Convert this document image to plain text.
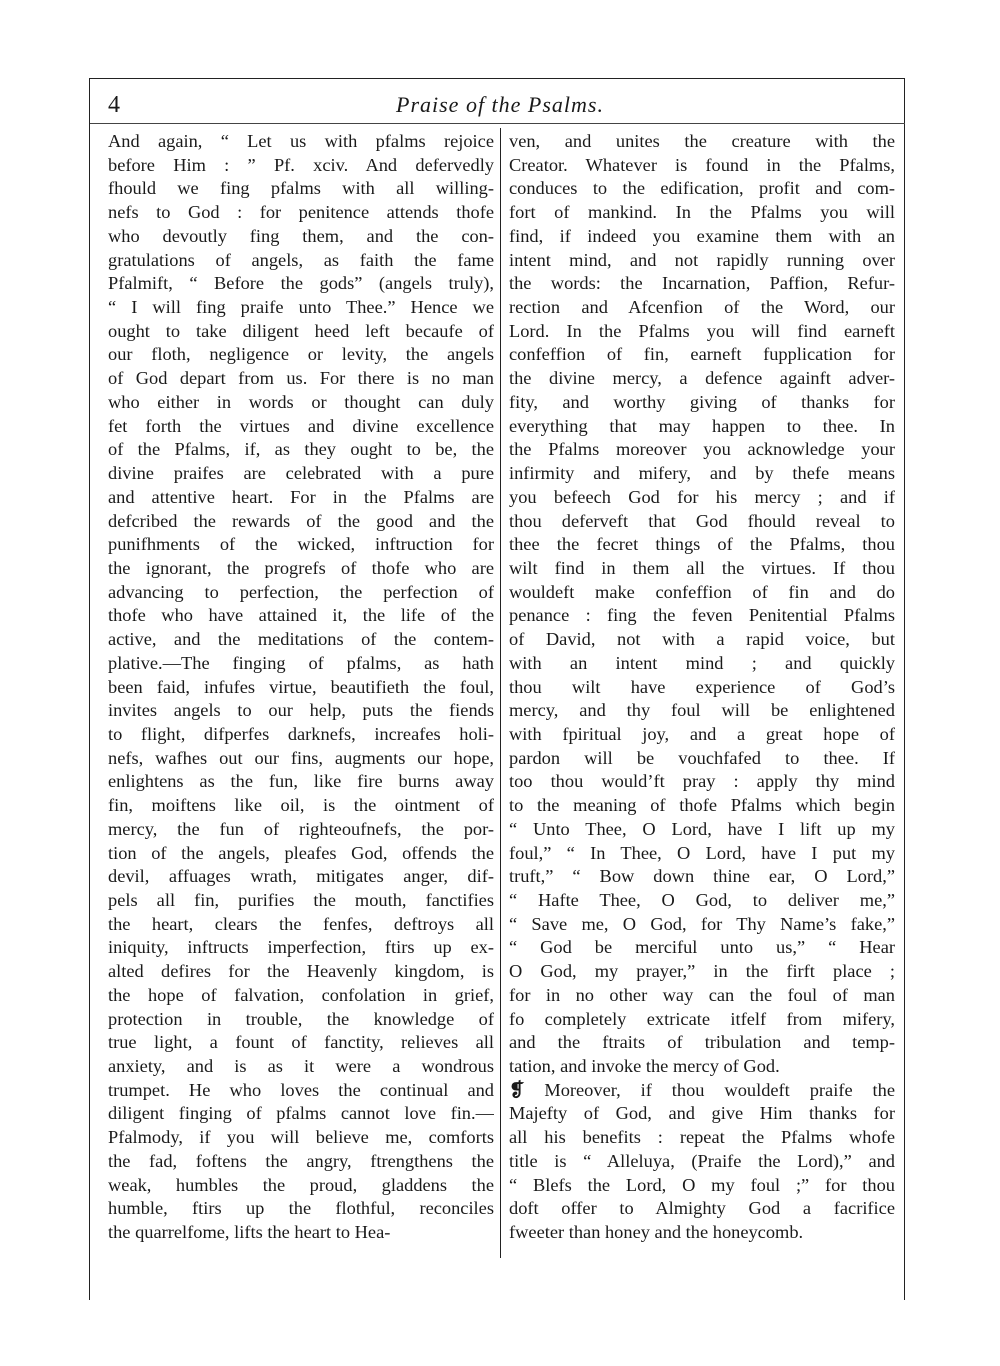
4	Praise of the Psalms.
And again, “ Let us with pfalms rejoice
before Him : ” Pf. xciv. And defervedly
fhould we fing pfalms with all willing-
nefs to God : for penitence attends thofe
who devoutly fing them, and the con-
gratulations of angels, as faith the fame
Pfalmift, “ Before the gods” (angels truly),
“ I will fing praife unto Thee.” Hence we
ought to take diligent heed left becaufe of
our floth, negligence or levity, the angels
of God depart from us. For there is no man
who either in words or thought can duly
fet forth the virtues and divine excellence
of the Pfalms, if, as they ought to be, the
divine praifes are celebrated with a pure
and attentive heart. For in the Pfalms are
defcribed the rewards of the good and the
punifhments of the wicked, inftruction for
the ignorant, the progrefs of thofe who are
advancing to perfection, the perfection of
thofe who have attained it, the life of the
active, and the meditations of the contem-
plative.—The finging of pfalms, as hath
been faid, infufes virtue, beautifieth the foul,
invites angels to our help, puts the fiends
to flight, difperfes darknefs, increafes holi-
nefs, wafhes out our fins, augments our hope,
enlightens as the fun, like fire burns away
fin, moiftens like oil, is the ointment of
mercy, the fun of righteoufnefs, the por-
tion of the angels, pleafes God, offends the
devil, affuages wrath, mitigates anger, dif-
pels all fin, purifies the mouth, fanctifies
the heart, clears the fenfes, deftroys all
iniquity, inftructs imperfection, ftirs up ex-
alted defires for the Heavenly kingdom, is
the hope of falvation, confolation in grief,
protection in trouble, the knowledge of
true light, a fount of fanctity, relieves all
anxiety, and is as it were a wondrous
trumpet. He who loves the continual and
diligent finging of pfalms cannot love fin.—
Pfalmody, if you will believe me, comforts
the fad, foftens the angry, ftrengthens the
weak, humbles the proud, gladdens the
humble, ftirs up the flothful, reconciles
the quarrelfome, lifts the heart to Hea-
ven, and unites the creature with the
Creator. Whatever is found in the Pfalms,
conduces to the edification, profit and com-
fort of mankind. In the Pfalms you will
find, if indeed you examine them with an
intent mind, and not rapidly running over
the words: the Incarnation, Paffion, Refur-
rection and Afcenfion of the Word, our
Lord. In the Pfalms you will find earneft
confeffion of fin, earneft fupplication for
the divine mercy, a defence againft adver-
fity, and worthy giving of thanks for
everything that may happen to thee. In
the Pfalms moreover you acknowledge your
infirmity and mifery, and by thefe means
you befeech God for his mercy ; and if
thou deferveft that God fhould reveal to
thee the fecret things of the Pfalms, thou
wilt find in them all the virtues. If thou
wouldeft make confeffion of fin and do
penance : fing the feven Penitential Pfalms
of David, not with a rapid voice, but
with an intent mind ; and quickly
thou wilt have experience of God’s
mercy, and thy foul will be enlightened
with fpiritual joy, and a great hope of
pardon will be vouchfafed to thee. If
too thou would’ft pray : apply thy mind
to the meaning of thofe Pfalms which begin
“ Unto Thee, O Lord, have I lift up my
foul,” “ In Thee, O Lord, have I put my
truft,” “ Bow down thine ear, O Lord,”
“ Hafte Thee, O God, to deliver me,”
“ Save me, O God, for Thy Name’s fake,”
“ God be merciful unto us,” “ Hear
O God, my prayer,” in the firft place ;
for in no other way can the foul of man
fo completely extricate itfelf from mifery,
and the ftraits of tribulation and temp-
tation, and invoke the mercy of God.
❡ Moreover, if thou wouldeft praife the
Majefty of God, and give Him thanks for
all his benefits : repeat the Pfalms whofe
title is “ Alleluya, (Praife the Lord),” and
“ Blefs the Lord, O my foul ;” for thou
doft offer to Almighty God a facrifice
fweeter than honey and the honeycomb.
